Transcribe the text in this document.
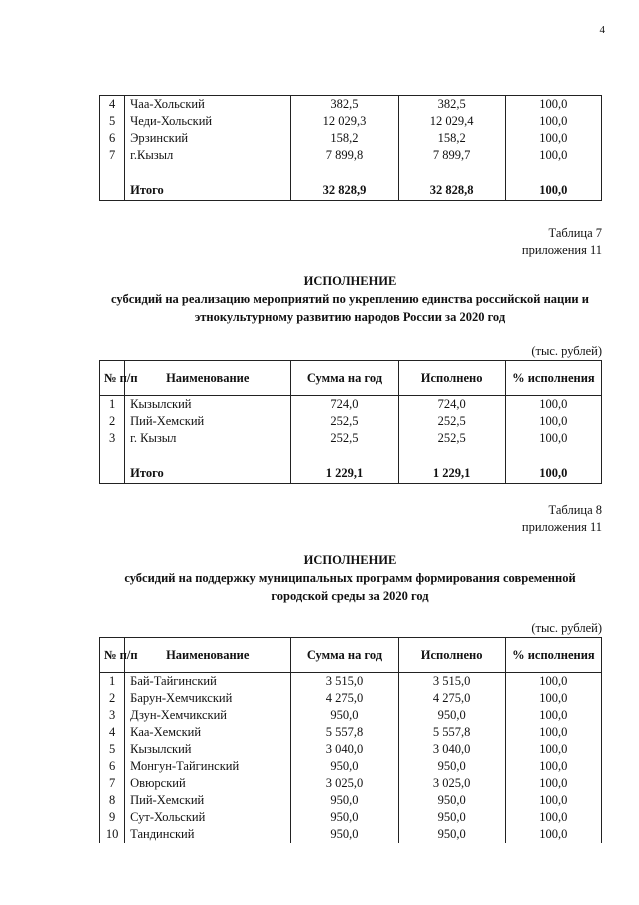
4
4	Чаа-Хольский	382,5	382,5	100,0
5	Чеди-Хольский	12 029,3	12 029,4	100,0
6	Эрзинский	158,2	158,2	100,0
7	г.Кызыл	7 899,8	7 899,7	100,0

	Итого	32 828,9	32 828,8	100,0
Таблица 7
приложения 11
ИСПОЛНЕНИЕ
субсидий на реализацию мероприятий по укреплению единства российской нации и
этнокультурному развитию народов России за 2020 год
(тыс. рублей)
№ п/п	Наименование	Сумма на год	Исполнено	% исполнения
1	Кызылский	724,0	724,0	100,0
2	Пий-Хемский	252,5	252,5	100,0
3	г. Кызыл	252,5	252,5	100,0

	Итого	1 229,1	1 229,1	100,0
Таблица 8
приложения 11
ИСПОЛНЕНИЕ
субсидий на поддержку муниципальных программ формирования современной
городской среды за 2020 год
(тыс. рублей)
№ п/п	Наименование	Сумма на год	Исполнено	% исполнения
1	Бай-Тайгинский	3 515,0	3 515,0	100,0
2	Барун-Хемчикский	4 275,0	4 275,0	100,0
3	Дзун-Хемчикский	950,0	950,0	100,0
4	Каа-Хемский	5 557,8	5 557,8	100,0
5	Кызылский	3 040,0	3 040,0	100,0
6	Монгун-Тайгинский	950,0	950,0	100,0
7	Овюрский	3 025,0	3 025,0	100,0
8	Пий-Хемский	950,0	950,0	100,0
9	Сут-Хольский	950,0	950,0	100,0
10	Тандинский	950,0	950,0	100,0
